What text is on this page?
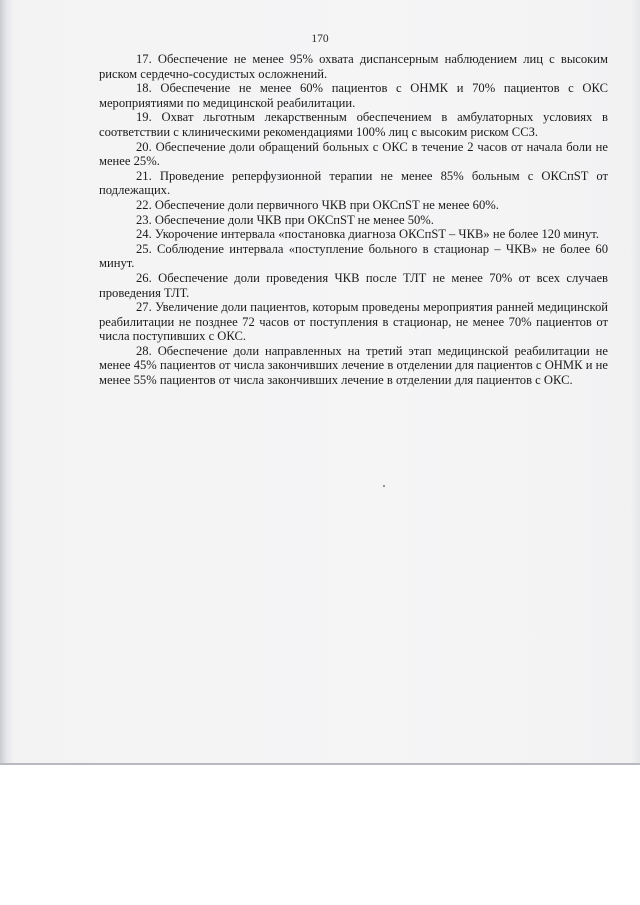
170

17. Обеспечение не менее 95% охвата диспансерным наблюдением лиц с высоким риском сердечно-сосудистых осложнений.

18. Обеспечение не менее 60% пациентов с ОНМК и 70% пациентов с ОКС мероприятиями по медицинской реабилитации.

19. Охват льготным лекарственным обеспечением в амбулаторных условиях в соответствии с клиническими рекомендациями 100% лиц с высоким риском ССЗ.

20. Обеспечение доли обращений больных с ОКС в течение 2 часов от начала боли не менее 25%.

21. Проведение реперфузионной терапии не менее 85% больным с ОКСпST от подлежащих.

22. Обеспечение доли первичного ЧКВ при ОКСпST не менее 60%.

23. Обеспечение доли ЧКВ при ОКСпST не менее 50%.

24. Укорочение интервала «постановка диагноза ОКСпST – ЧКВ» не более 120 минут.

25. Соблюдение интервала «поступление больного в стационар – ЧКВ» не более 60 минут.

26. Обеспечение доли проведения ЧКВ после ТЛТ не менее 70% от всех случаев проведения ТЛТ.

27. Увеличение доли пациентов, которым проведены мероприятия ранней медицинской реабилитации не позднее 72 часов от поступления в стационар, не менее 70% пациентов от числа поступивших с ОКС.

28. Обеспечение доли направленных на третий этап медицинской реабилитации не менее 45% пациентов от числа закончивших лечение в отделении для пациентов с ОНМК и не менее 55% пациентов от числа закончивших лечение в отделении для пациентов с ОКС.
